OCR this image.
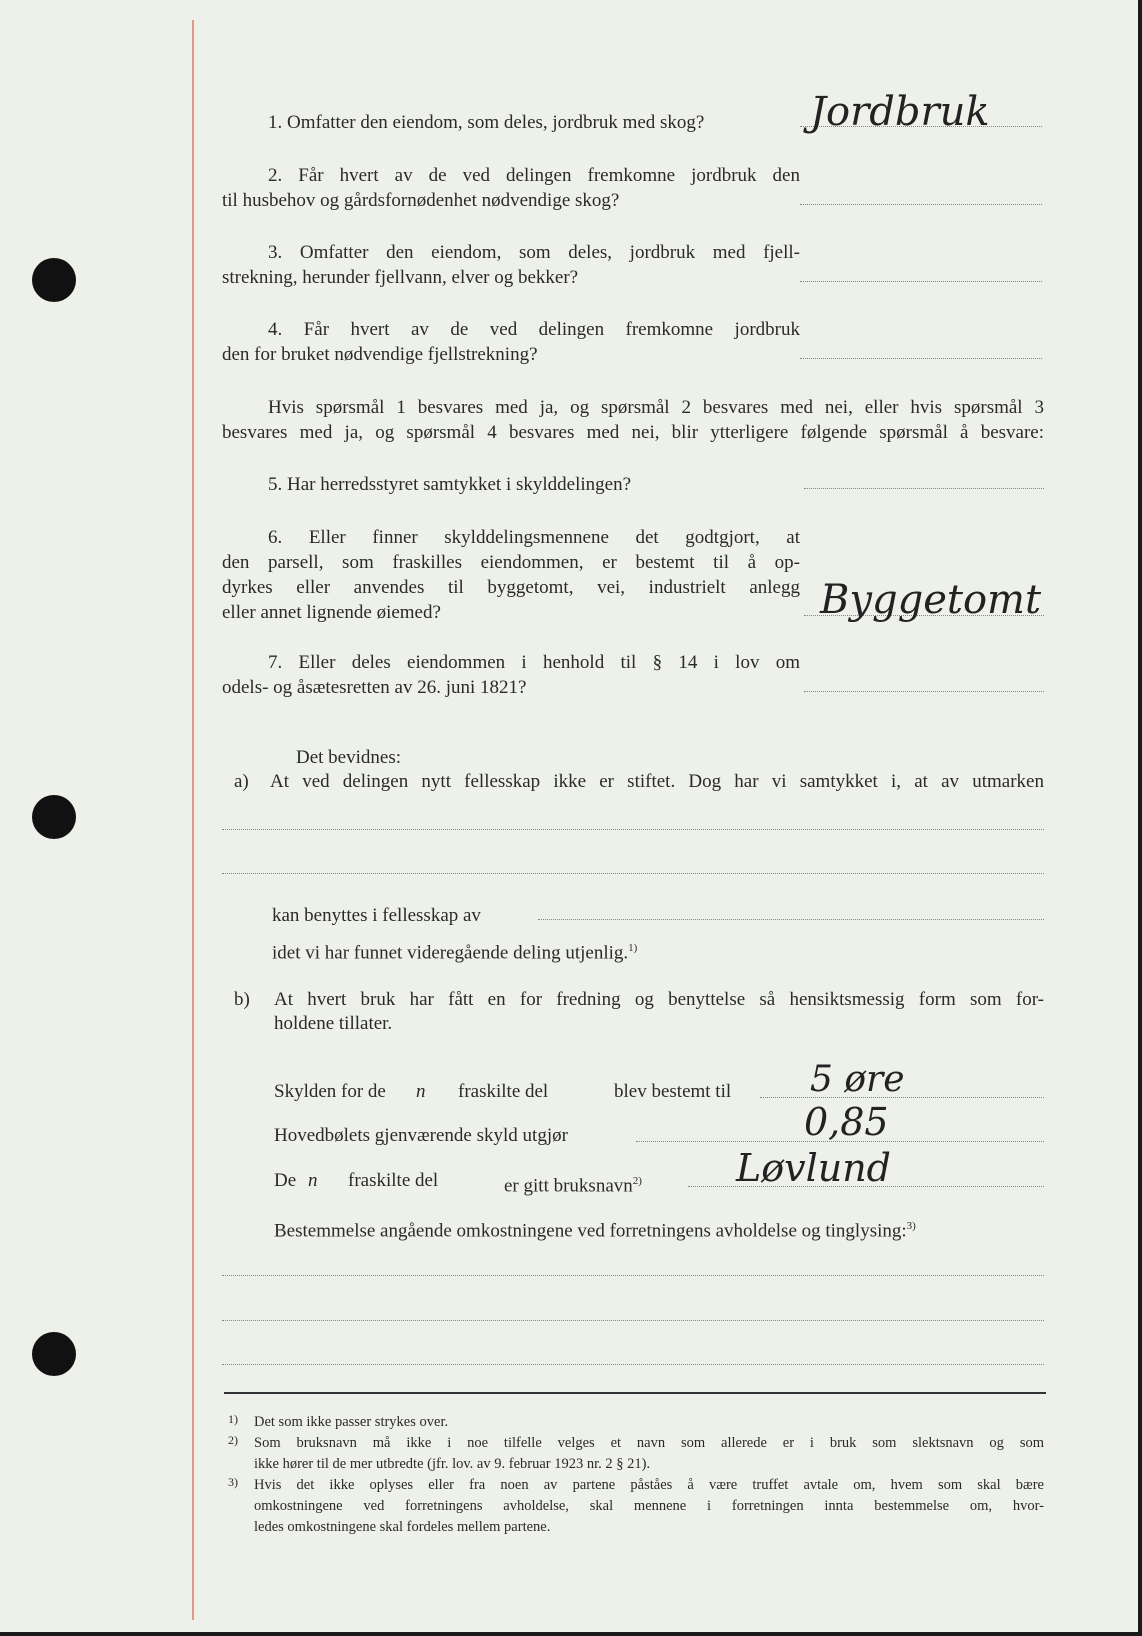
1. Omfatter den eiendom, som deles, jordbruk med skog?	Jordbruk
2. Får hvert av de ved delingen fremkomne jordbruk den
til husbehov og gårdsfornødenhet nødvendige skog?
3. Omfatter den eiendom, som deles, jordbruk med fjell-
strekning, herunder fjellvann, elver og bekker?
4. Får hvert av de ved delingen fremkomne jordbruk
den for bruket nødvendige fjellstrekning?
Hvis spørsmål 1 besvares med ja, og spørsmål 2 besvares med nei, eller hvis spørsmål 3
besvares med ja, og spørsmål 4 besvares med nei, blir ytterligere følgende spørsmål å besvare:
5. Har herredsstyret samtykket i skylddelingen?
6. Eller finner skylddelingsmennene det godtgjort, at
den parsell, som fraskilles eiendommen, er bestemt til å op-
dyrkes eller anvendes til byggetomt, vei, industrielt anlegg
eller annet lignende øiemed?	Byggetomt
7. Eller deles eiendommen i henhold til § 14 i lov om
odels- og åsætesretten av 26. juni 1821?
Det bevidnes:
a) At ved delingen nytt fellesskap ikke er stiftet. Dog har vi samtykket i, at av utmarken
kan benyttes i fellesskap av
idet vi har funnet videregående deling utjenlig.$^{1)}$
b) At hvert bruk har fått en for fredning og benyttelse så hensiktsmessig form som for-
holdene tillater.
Skylden for de n fraskilte del	blev bestemt til 5 øre
Hovedbølets gjenværende skyld utgjør	0,85
De n fraskilte del	er gitt bruksnavn$^{2)}$ Løvlund
Bestemmelse angående omkostningene ved forretningens avholdelse og tinglysing:$^{3)}$
1) Det som ikke passer strykes over.
2) Som bruksnavn må ikke i noe tilfelle velges et navn som allerede er i bruk som slektsnavn og som
ikke hører til de mer utbredte (jfr. lov. av 9. februar 1923 nr. 2 § 21).
3) Hvis det ikke oplyses eller fra noen av partene påståes å være truffet avtale om, hvem som skal bære
omkostningene ved forretningens avholdelse, skal mennene i forretningen innta bestemmelse om, hvor-
ledes omkostningene skal fordeles mellem partene.
